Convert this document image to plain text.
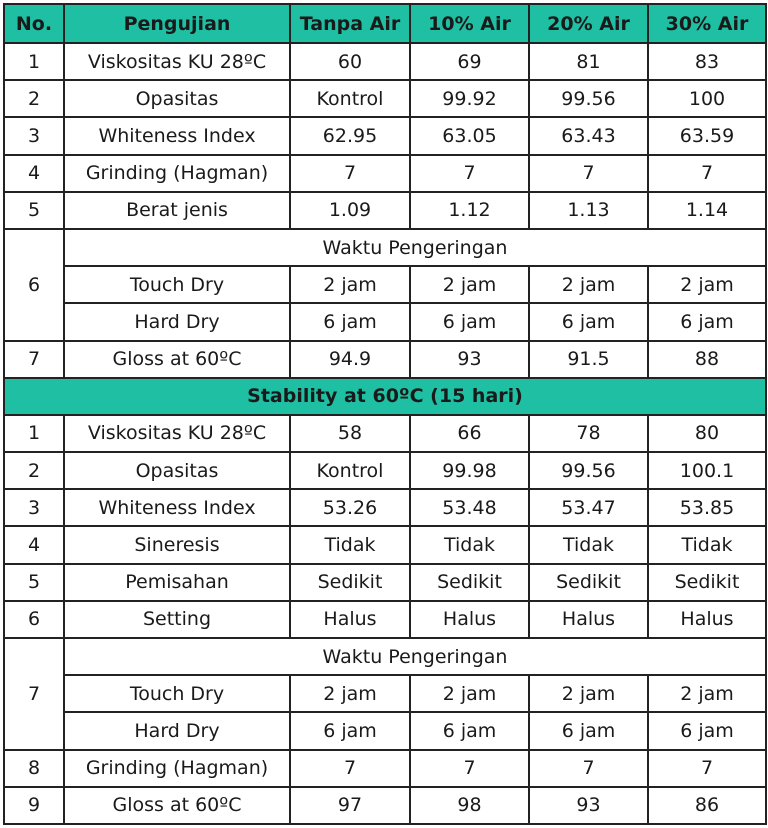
No.	Pengujian	Tanpa Air	10% Air	20% Air	30% Air
1	Viskositas KU 28ºC	60	69	81	83
2	Opasitas	Kontrol	99.92	99.56	100
3	Whiteness Index	62.95	63.05	63.43	63.59
4	Grinding (Hagman)	7	7	7	7
5	Berat jenis	1.09	1.12	1.13	1.14
6	Waktu Pengeringan				
	Touch Dry	2 jam	2 jam	2 jam	2 jam
	Hard Dry	6 jam	6 jam	6 jam	6 jam
7	Gloss at 60ºC	94.9	93	91.5	88
Stability at 60ºC (15 hari)					
1	Viskositas KU 28ºC	58	66	78	80
2	Opasitas	Kontrol	99.98	99.56	100.1
3	Whiteness Index	53.26	53.48	53.47	53.85
4	Sineresis	Tidak	Tidak	Tidak	Tidak
5	Pemisahan	Sedikit	Sedikit	Sedikit	Sedikit
6	Setting	Halus	Halus	Halus	Halus
7	Waktu Pengeringan				
	Touch Dry	2 jam	2 jam	2 jam	2 jam
	Hard Dry	6 jam	6 jam	6 jam	6 jam
8	Grinding (Hagman)	7	7	7	7
9	Gloss at 60ºC	97	98	93	86
